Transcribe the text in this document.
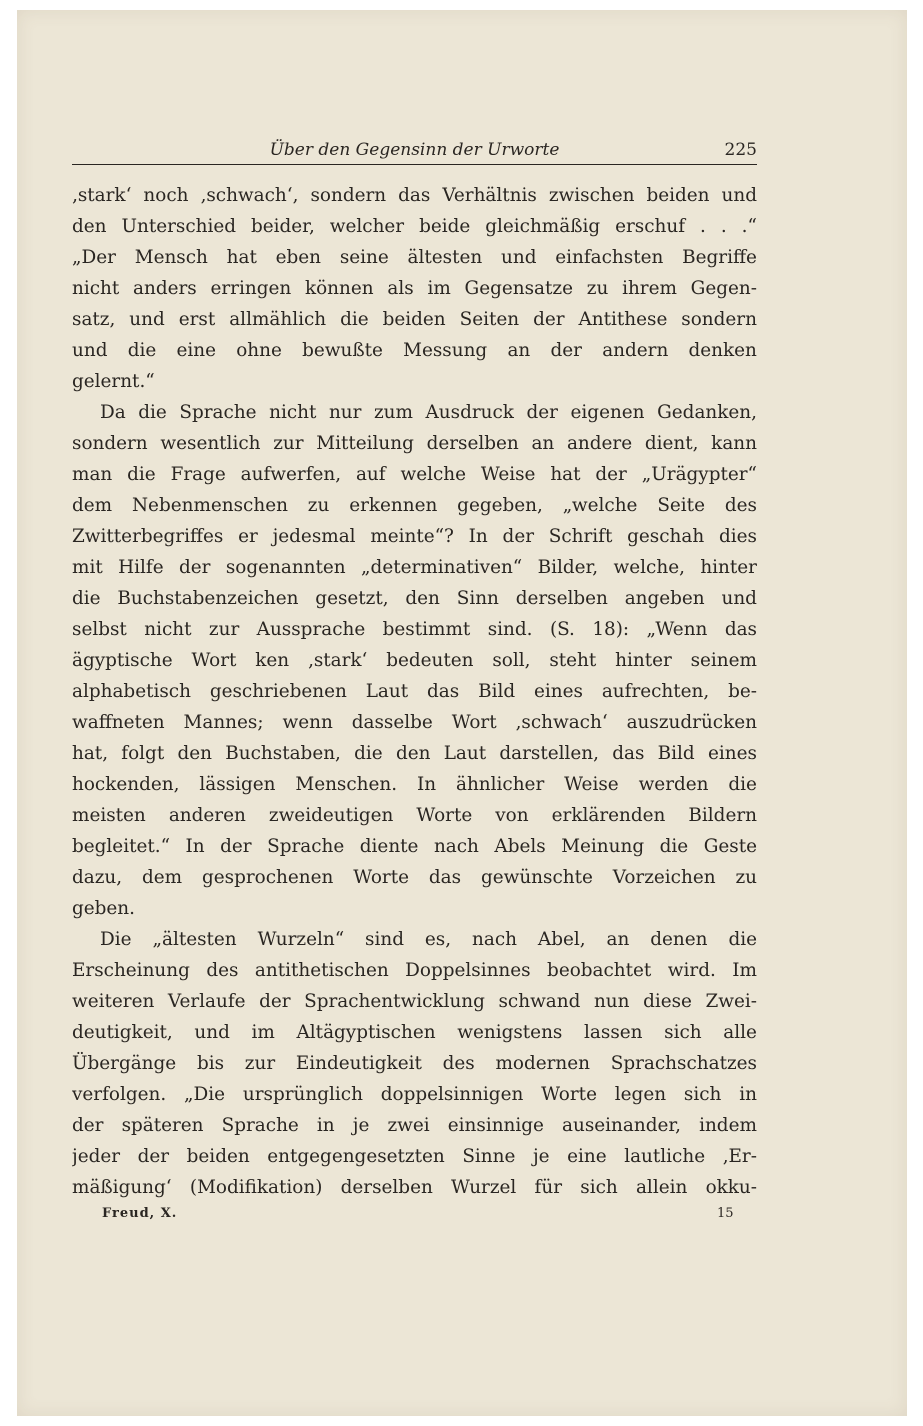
Über den Gegensinn der Urworte	225
‚stark‘ noch ‚schwach‘, sondern das Verhältnis zwischen beiden und
den Unterschied beider, welcher beide gleichmäßig erschuf . . .“
„Der Mensch hat eben seine ältesten und einfachsten Begriffe
nicht anders erringen können als im Gegensatze zu ihrem Gegen-
satz, und erst allmählich die beiden Seiten der Antithese sondern
und die eine ohne bewußte Messung an der andern denken
gelernt.“
Da die Sprache nicht nur zum Ausdruck der eigenen Gedanken,
sondern wesentlich zur Mitteilung derselben an andere dient, kann
man die Frage aufwerfen, auf welche Weise hat der „Urägypter“
dem Nebenmenschen zu erkennen gegeben, „welche Seite des
Zwitterbegriffes er jedesmal meinte“? In der Schrift geschah dies
mit Hilfe der sogenannten „determinativen“ Bilder, welche, hinter
die Buchstabenzeichen gesetzt, den Sinn derselben angeben und
selbst nicht zur Aussprache bestimmt sind. (S. 18): „Wenn das
ägyptische Wort ken ‚stark‘ bedeuten soll, steht hinter seinem
alphabetisch geschriebenen Laut das Bild eines aufrechten, be-
waffneten Mannes; wenn dasselbe Wort ‚schwach‘ auszudrücken
hat, folgt den Buchstaben, die den Laut darstellen, das Bild eines
hockenden, lässigen Menschen. In ähnlicher Weise werden die
meisten anderen zweideutigen Worte von erklärenden Bildern
begleitet.“ In der Sprache diente nach Abels Meinung die Geste
dazu, dem gesprochenen Worte das gewünschte Vorzeichen zu
geben.
Die „ältesten Wurzeln“ sind es, nach Abel, an denen die
Erscheinung des antithetischen Doppelsinnes beobachtet wird. Im
weiteren Verlaufe der Sprachentwicklung schwand nun diese Zwei-
deutigkeit, und im Altägyptischen wenigstens lassen sich alle
Übergänge bis zur Eindeutigkeit des modernen Sprachschatzes
verfolgen. „Die ursprünglich doppelsinnigen Worte legen sich in
der späteren Sprache in je zwei einsinnige auseinander, indem
jeder der beiden entgegengesetzten Sinne je eine lautliche ‚Er-
mäßigung‘ (Modifikation) derselben Wurzel für sich allein okku-
Freud, X.	15
